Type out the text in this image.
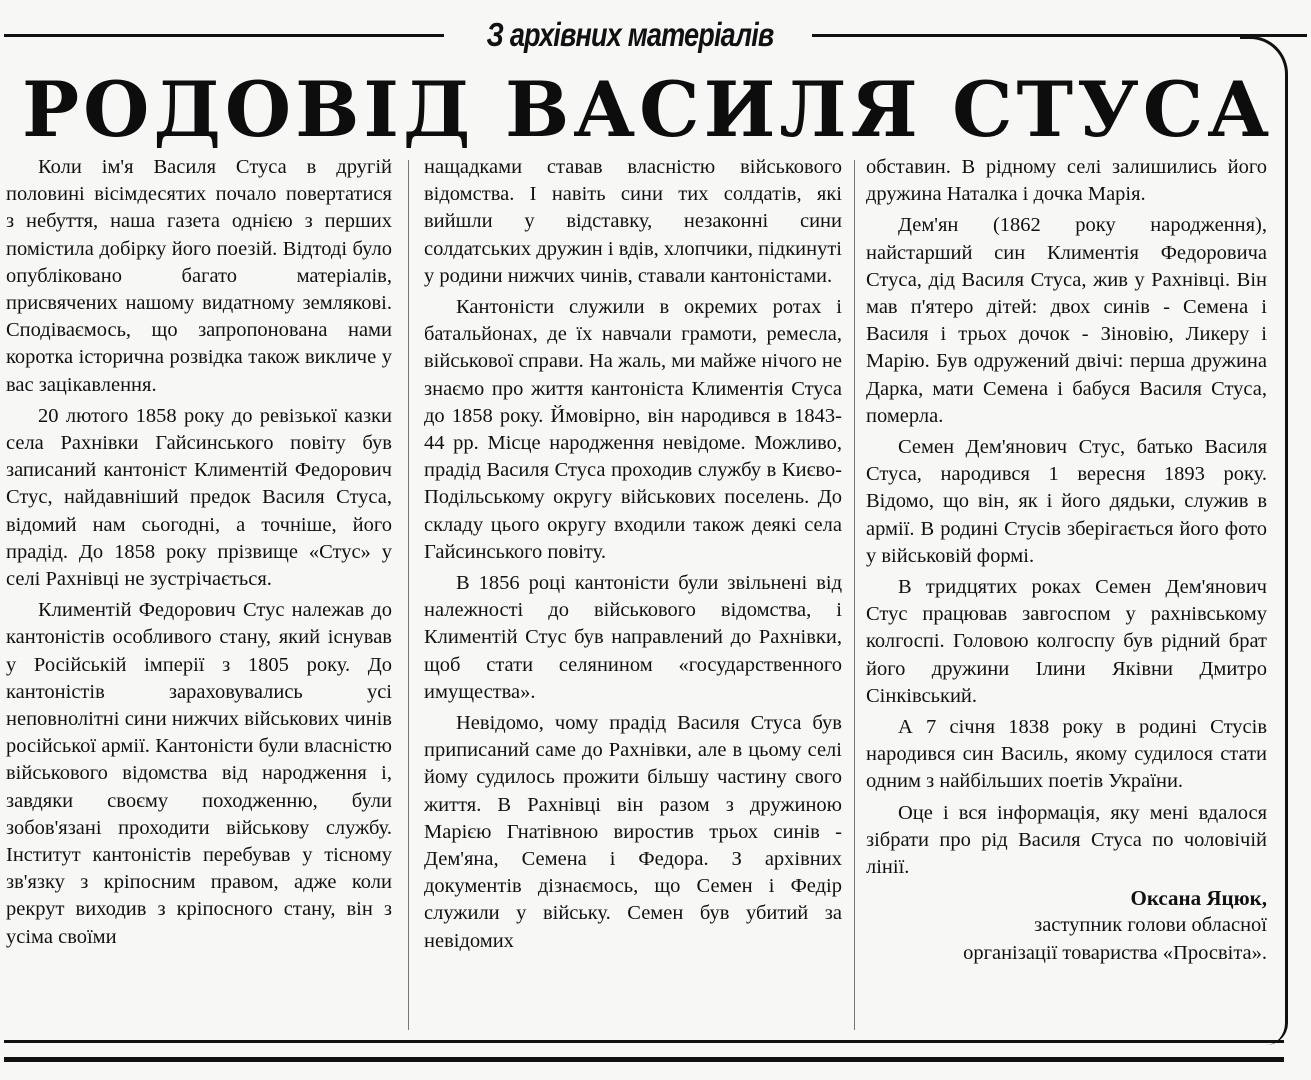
З архівних матеріалів
РОДОВІД ВАСИЛЯ СТУСА

Коли ім'я Василя Стуса в другій половині вісімдесятих почало повертатися з небуття, наша газета однією з перших помістила добірку його поезій. Відтоді було опубліковано багато матеріалів, присвячених нашому видатному землякові. Сподіваємось, що запропонована нами коротка історична розвідка також викличе у вас зацікавлення.

20 лютого 1858 року до ревізької казки села Рахнівки Гайсинського повіту був записаний кантоніст Климентій Федорович Стус, найдавніший предок Василя Стуса, відомий нам сьогодні, а точніше, його прадід. До 1858 року прізвище «Стус» у селі Рахнівці не зустрічається.

Климентій Федорович Стус належав до кантоністів особливого стану, який існував у Російській імперії з 1805 року. До кантоністів зараховувались усі неповнолітні сини нижчих військових чинів російської армії. Кантоністи були власністю військового відомства від народження і, завдяки своєму походженню, були зобов'язані проходити військову службу. Інститут кантоністів перебував у тісному зв'язку з кріпосним правом, адже коли рекрут виходив з кріпосного стану, він з усіма своїми

нащадками ставав власністю військового відомства. І навіть сини тих солдатів, які вийшли у відставку, незаконні сини солдатських дружин і вдів, хлопчики, підкинуті у родини нижчих чинів, ставали кантоністами.

Кантоністи служили в окремих ротах і батальйонах, де їх навчали грамоти, ремесла, військової справи. На жаль, ми майже нічого не знаємо про життя кантоніста Климентія Стуса до 1858 року. Ймовірно, він народився в 1843-44 рр. Місце народження невідоме. Можливо, прадід Василя Стуса проходив службу в Києво-Подільському округу військових поселень. До складу цього округу входили також деякі села Гайсинського повіту.

В 1856 році кантоністи були звільнені від належності до військового відомства, і Климентій Стус був направлений до Рахнівки, щоб стати селянином «государственного имущества».

Невідомо, чому прадід Василя Стуса був приписаний саме до Рахнівки, але в цьому селі йому судилось прожити більшу частину свого життя. В Рахнівці він разом з дружиною Марією Гнатівною виростив трьох синів - Дем'яна, Семена і Федора. З архівних документів дізнаємось, що Семен і Федір служили у війську. Семен був убитий за невідомих

обставин. В рідному селі залишились його дружина Наталка і дочка Марія.

Дем'ян (1862 року народження), найстарший син Климентія Федоровича Стуса, дід Василя Стуса, жив у Рахнівці. Він мав п'ятеро дітей: двох синів - Семена і Василя і трьох дочок - Зіновію, Ликеру і Марію. Був одружений двічі: перша дружина Дарка, мати Семена і бабуся Василя Стуса, померла.

Семен Дем'янович Стус, батько Василя Стуса, народився 1 вересня 1893 року. Відомо, що він, як і його дядьки, служив в армії. В родині Стусів зберігається його фото у військовій формі.

В тридцятих роках Семен Дем'янович Стус працював завгоспом у рахнівському колгоспі. Головою колгоспу був рідний брат його дружини Ілини Яківни Дмитро Сінківський.

А 7 січня 1838 року в родині Стусів народився син Василь, якому судилося стати одним з найбільших поетів України.

Оце і вся інформація, яку мені вдалося зібрати про рід Василя Стуса по чоловічій лінії.

Оксана Яцюк,
заступник голови обласної
організації товариства «Просвіта».
